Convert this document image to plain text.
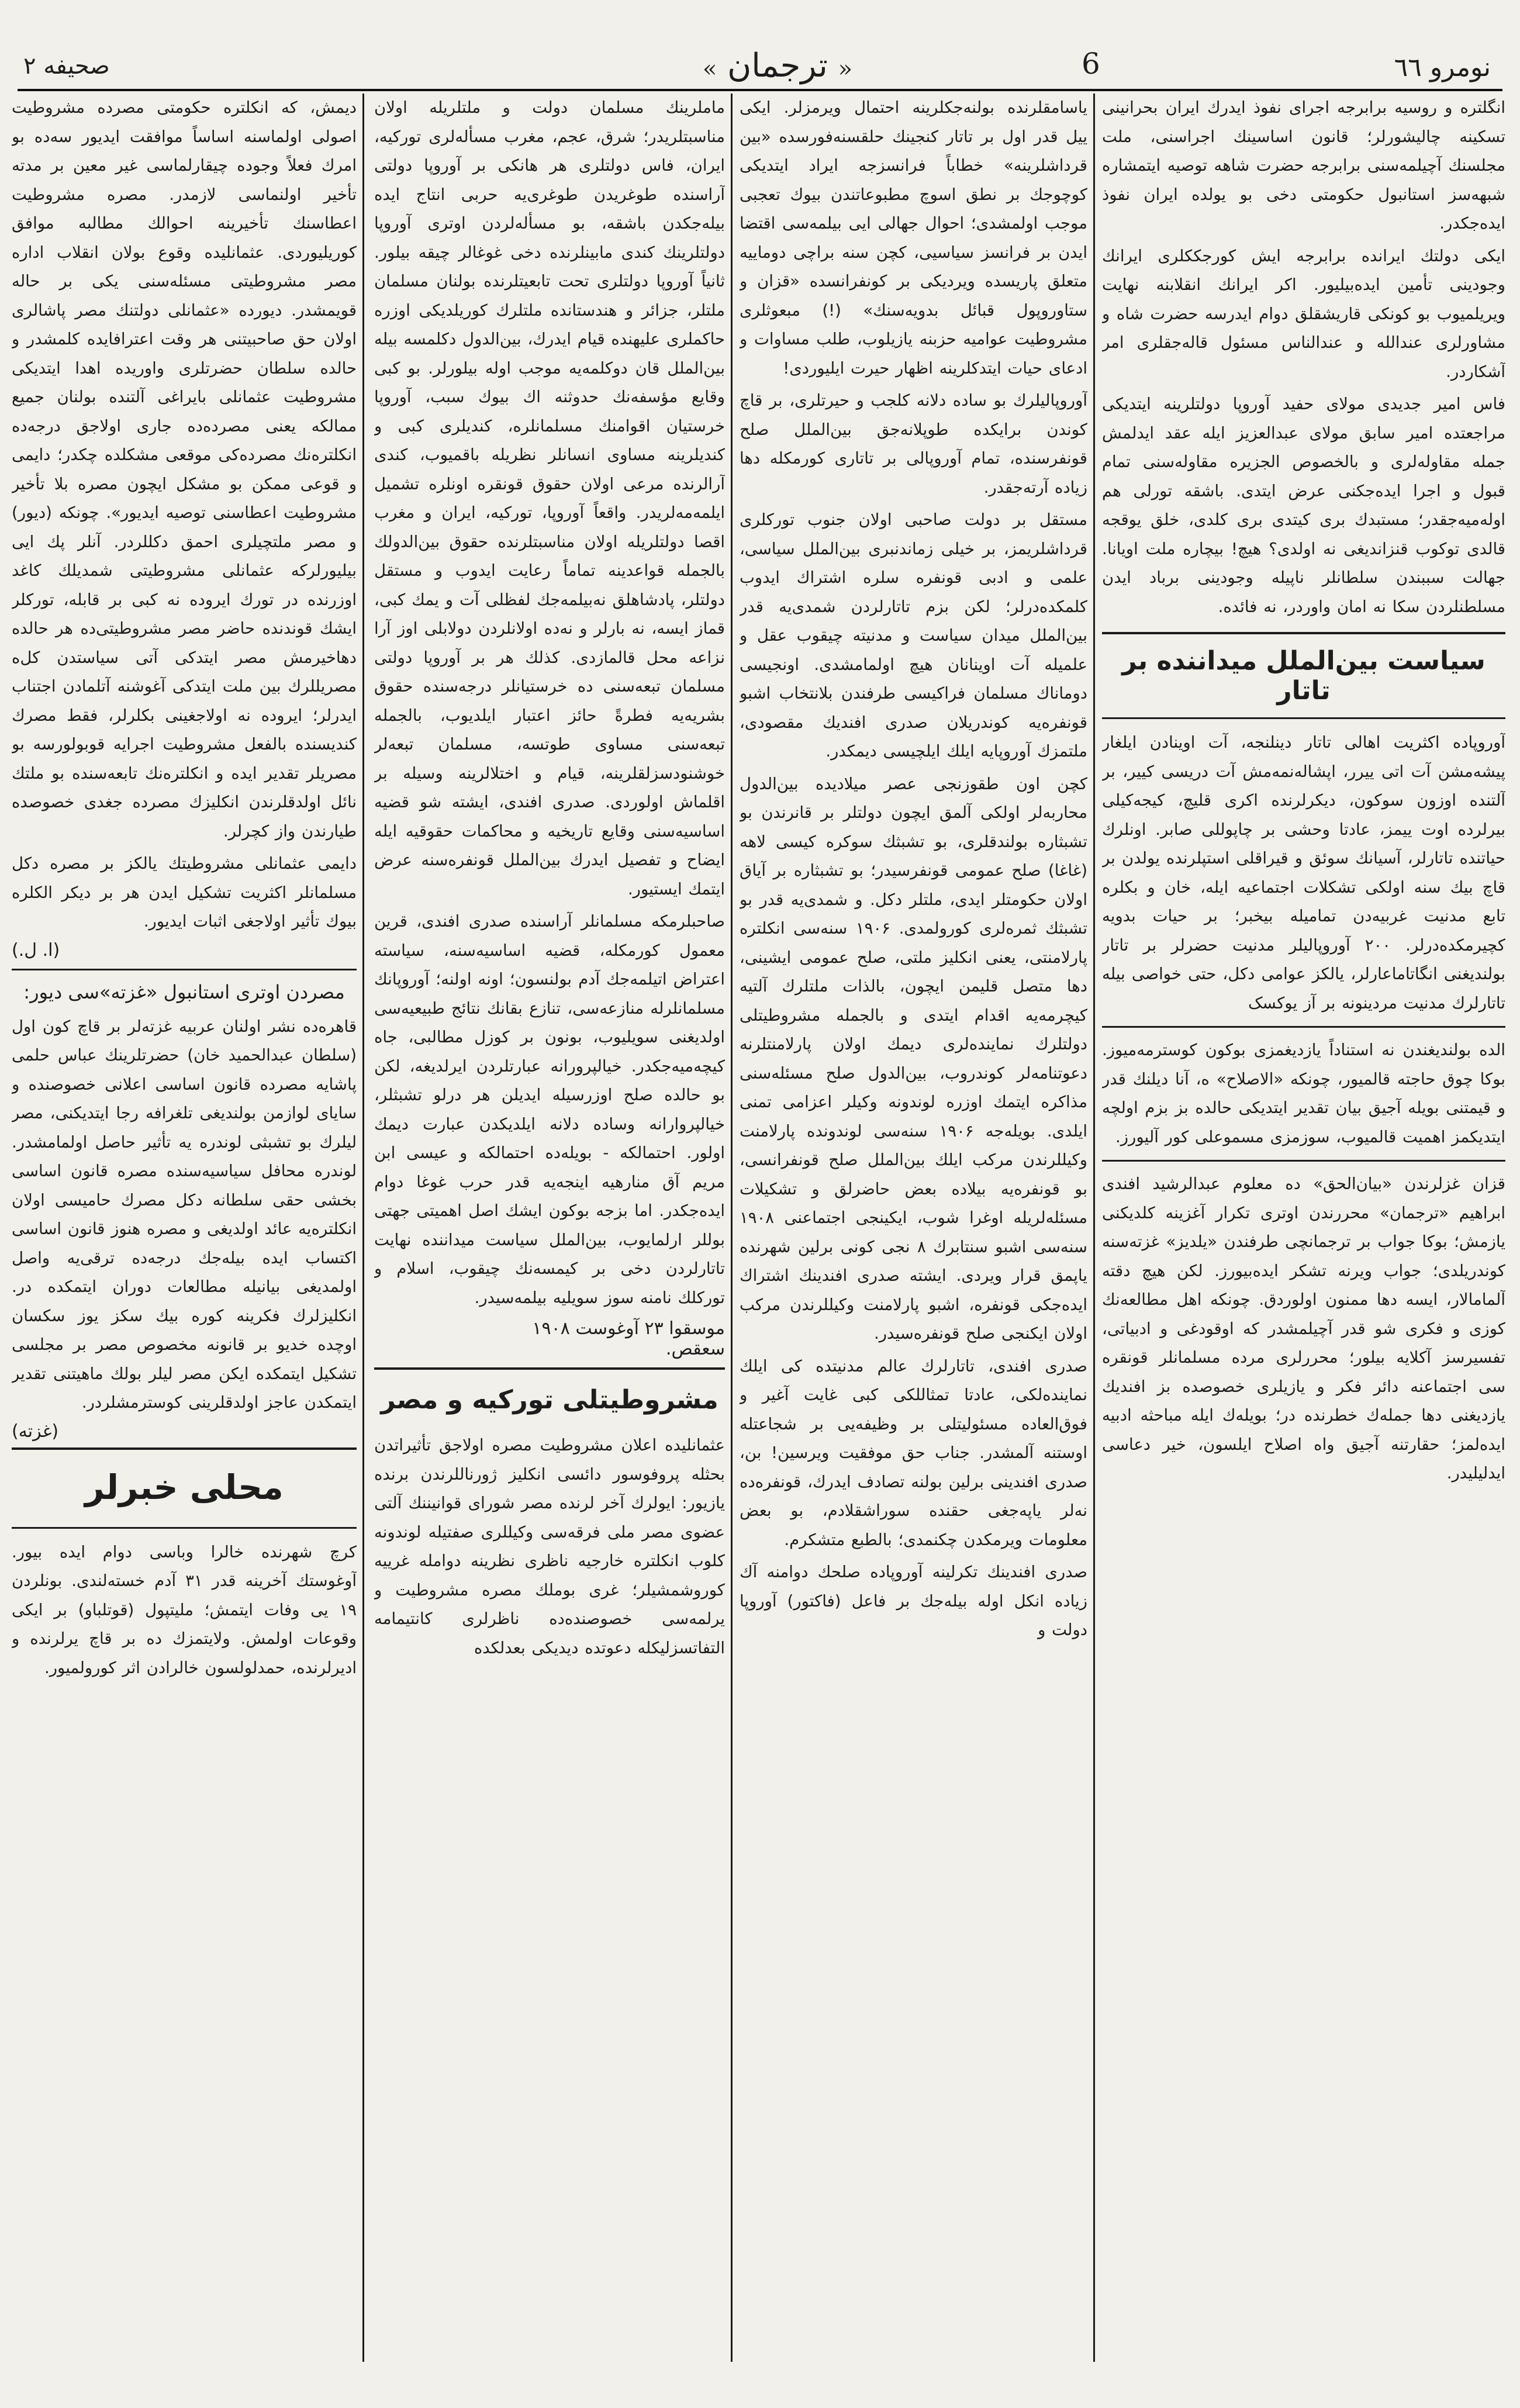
نومرو ٦٦
« ترجمان »	6
صحیفه ۲

انگلتره و روسیه برابرجه اجرای نفوذ ایدرك ایران بحرانینی تسکینه چالیشورلر؛ قانون اساسینك اجراسنی، ملت مجلسنك آچیلمه‌سنی برابرجه حضرت شاهه توصیه ایتمشاره شبهه‌سز استانبول حکومتی دخی بو یولده ایران نفوذ ایده‌جکدر.

ایکی دولتك ایرانده برابرجه ایش کورجککلری ایرانك وجودینی تأمین ایده‌بیلیور. اکر ایرانك انقلابنه نهایت ویریلمیوب بو کونکی قاریشقلق دوام ایدرسه حضرت شاه و مشاورلری عندالله و عندالناس مسئول قاله‌جقلری امر آشکاردر.

فاس امیر جدیدی مولای حفید آوروپا دولتلرینه ایتدیکی مراجعتده امیر سابق مولای عبدالعزیز ایله عقد ایدلمش جمله مقاوله‌لری و بالخصوص الجزیره مقاوله‌سنی تمام قبول و اجرا ایده‌جکنی عرض ایتدی. باشقه تورلی هم اوله‌میه‌جقدر؛ مستبدك بری کیتدی بری کلدی، خلق یوقجه قالدی توکوب قنزاندیغی نه اولدی؟ هیچ! بیچاره ملت اویانا. جهالت سببندن سلطانلر ناپیله وجودینی برباد ایدن مسلطنلردن سکا نه امان واوردر، نه فائده.

سیاست بین‌الملل میداننده بر تاتار

آوروپاده اکثریت اهالی تاتار دینلنجه، آت اوینادن ایلغار پیشه‌مشن آت اتی ییرر، اپشاله‌نمه‌مش آت دریسی کییر، بر آلتنده اوزون سوکون، دیکرلرنده اکری قلیچ، کیجه‌کیلی بیرلرده اوت ییمز، عادتا وحشی بر چاپوللی صابر. اونلرك حیاتنده تاتارلر، آسیانك سوئق و قیراقلی استپلرنده یولدن بر قاچ بیك سنه اولکی تشکلات اجتماعیه ایله، خان و بکلره تابع مدنیت غربیه‌دن تمامیله بیخبر؛ بر حیات بدویه کچیرمکده‌درلر. ۲۰۰ آوروپالیلر مدنیت حضرلر بر تاتار بولندیغنی انگاتاماعارلر، یالکز عوامی دکل، حتی خواصی بیله تاتارلرك مدنیت مردینونه بر آز یوکسک

الده بولندیغندن نه استناداً یازدیغمزی بوکون کوسترمه‌میوز. بوکا چوق حاجته قالمیور، چونکه «الاصلاح» ه، آنا دیلنك قدر و قیمتنی بویله آجیق بیان تقدیر ایتدیکی حالده بز بزم اولچه ایتدیکمز اهمیت قالمیوب، سوزمزی مسموعلی کور آلیورز.

قزان غزلرندن «بیان‌الحق» ده معلوم عبدالرشید افندی ابراهیم «ترجمان» محررندن اوتری تکرار آغزینه کلدیکنی یازمش؛ بوکا جواب بر ترجمانچی طرفندن «یلدیز» غزته‌سنه کوندریلدی؛ جواب ویرنه تشکر ایده‌بیورز. لکن هیچ دقته آلمامالار، ایسه دها ممنون اولوردق. چونکه اهل مطالعه‌نك کوزی و فکری شو قدر آچیلمشدر که اوقودغی و ادبیاتی، تفسیرسز آکلایه بیلور؛ محررلری مرده مسلمانلر قونقره سی اجتماعنه دائر فکر و یازیلری خصوصده بز افندیك یازدیغنی دها جمله‌ك خطرنده در؛ بویله‌ك ایله مباحثه ادبیه ایده‌لمز؛ حقارتنه آجیق واه اصلاح ایلسون، خیر دعاسی ایدلیلیدر.

یاسامقلرنده بولنه‌جکلرینه احتمال ویرمزلر. ایکی ییل قدر اول بر تاتار کنجینك حلقسنه‌فورسده «بین قرداشلرینه» خطاباً فرانسزجه ایراد ایتدیکی کوچوجك بر نطق اسوچ مطبوعاتندن بیوك تعجبی موجب اولمشدی؛ احوال جهالی ایی بیلمه‌سی اقتضا ایدن بر فرانسز سیاسیی، کچن سنه براچی دوماییه متعلق پاریسده ویردیکی بر کونفرانسده «قزان و ستاوروپول قبائل بدویه‌سنك» (!) مبعوثلری مشروطیت عوامیه حزبنه یازیلوب، طلب مساوات و ادعای حیات ایتدکلرینه اظهار حیرت ایلیوردی!

آوروپالیلرك بو ساده دلانه کلجب و حیرتلری، بر قاچ کوندن برایکده طوپلانه‌جق بین‌الملل صلح قونفرسنده، تمام آوروپالی بر تاتاری کورمکله دها زیاده آرته‌جقدر.

مستقل بر دولت صاحبی اولان جنوب تورکلری قرداشلریمز، بر خیلی زماندنبری بین‌الملل سیاسی، علمی و ادبی قونفره سلره اشتراك ایدوب کلمکده‌درلر؛ لکن بزم تاتارلردن شمدی‌یه قدر بین‌الملل میدان سیاست و مدنیته چیقوب عقل و علمیله آت اوینانان هیچ اولمامشدی. اونجیسی دوماناك مسلمان فراکیسی طرفندن بلانتخاب اشبو قونفره‌یه کوندریلان صدری افندیك مقصودی، ملتمزك آوروپایه ایلك ایلچیسی دیمکدر.

کچن اون طقوزنجی عصر میلادیده بین‌الدول محاربه‌لر اولکی آلمق ایچون دولتلر بر قانرندن بو تشبثاره بولندقلری، بو تشبثك سوکره کیسی لاهه (غاغا) صلح عمومی قونفرسیدر؛ بو تشبثاره بر آیاق اولان حکومتلر ایدی، ملتلر دکل. و شمدی‌یه قدر بو تشبثك ثمره‌لری کورولمدی. ۱۹۰۶ سنه‌سی انکلتره پارلامنتی، یعنی انکلیز ملتی، صلح عمومی ایشینی، دها متصل قلیمن ایچون، بالذات ملتلرك آلتیه کیچرمه‌یه اقدام ایتدی و بالجمله مشروطیتلی دولتلرك نماینده‌لری دیمك اولان پارلامنتلرنه دعوتنامه‌لر کوندروب، بین‌الدول صلح مسئله‌سنی مذاکره ایتمك اوزره لوندونه وکیلر اعزامی تمنی ایلدی. بویله‌جه ۱۹۰۶ سنه‌سی لوندونده پارلامنت وکیللرندن مرکب ایلك بین‌الملل صلح قونفرانسی، بو قونفره‌یه بیلاده بعض حاضرلق و تشکیلات مسئله‌لریله اوغرا شوب، ایکینجی اجتماعنی ۱۹۰۸ سنه‌سی اشبو سنتابرك ۸ نجی کونی برلین شهرنده یاپمق قرار ویردی. ایشته صدری افندینك اشتراك ایده‌جکی قونفره، اشبو پارلامنت وکیللرندن مرکب اولان ایکنجی صلح قونفره‌سیدر.

صدری افندی، تاتارلرك عالم مدنیتده کی ایلك نماینده‌لکی، عادتا تمثاللکی کبی غایت آغیر و فوق‌العاده مسئولیتلی بر وظیفه‌یی بر شجاعتله اوستنه آلمشدر. جناب حق موفقیت ویرسین! بن، صدری افندینی برلین بولنه تصادف ایدرك، قونفره‌ده نه‌لر یاپه‌جغی حقنده سوراشقلادم، بو بعض معلومات ویرمکدن چکنمدی؛ بالطبع متشکرم.

صدری افندینك تکرلینه آوروپاده صلحك دوامنه آك زیاده انکل اوله بیله‌جك بر فاعل (فاکتور) آوروپا دولت و

ماملرینك مسلمان دولت و ملتلریله اولان مناسبتلریدر؛ شرق، عجم، مغرب مسأله‌لری تورکیه، ایران، فاس دولتلری هر هانکی بر آوروپا دولتی آراسنده طوغریدن طوغری‌یه حربی انتاج ایده بیله‌جکدن باشقه، بو مسأله‌لردن اوتری آوروپا دولتلرینك کندی مابینلرنده دخی غوغالر چیقه بیلور. ثانیاً آوروپا دولتلری تحت تابعیتلرنده بولنان مسلمان ملتلر، جزائر و هندستانده ملتلرك کوریلدیکی اوزره حاکملری علیهنده قیام ایدرك، بین‌الدول دکلمسه بیله بین‌الملل قان دوکلمه‌یه موجب اوله بیلورلر. بو کبی وقایع مؤسفه‌نك حدوثنه اك بیوك سبب، آوروپا خرستیان اقوامنك مسلمانلره، کندیلری کبی و کندیلرینه مساوی انسانلر نظریله باقمیوب، کندی آرالرنده مرعی اولان حقوق قونقره اونلره تشمیل ایلمه‌مه‌لریدر. واقعاً آوروپا، تورکیه، ایران و مغرب اقصا دولتلریله اولان مناسبتلرنده حقوق بین‌الدولك بالجمله قواعدینه تماماً رعایت ایدوب و مستقل دولتلر، پادشاهلق نه‌بیلمه‌جك لفظلی آت و یمك کبی، قماز ایسه، نه بارلر و نه‌ده اولانلردن دولابلی اوز آرا نزاعه محل قالمازدی. کذلك هر بر آوروپا دولتی مسلمان تبعه‌سنی ده خرستیانلر درجه‌سنده حقوق بشریه‌یه فطرةً حائز اعتبار ایلدیوب، بالجمله تبعه‌سنی مساوی طوتسه، مسلمان تبعه‌لر خوشنودسزلقلرینه، قیام و اختلالرینه وسیله بر اقلماش اولوردی. صدری افندی، ایشته شو قضیه اساسیه‌سنی وقایع تاریخیه و محاکمات حقوقیه ایله ایضاح و تفصیل ایدرك بین‌الملل قونفره‌سنه عرض ایتمك ایستیور.

صاحبلرمکه مسلمانلر آراسنده صدری افندی، قرین معمول کورمکله، قضیه اساسیه‌سنه، سیاسته اعتراض اتیلمه‌جك آدم بولنسون؛ اونه اولنه؛ آوروپانك مسلمانلرله منازعه‌سی، تنازع بقانك نتائج طبیعیه‌سی اولدیغنی سویلیوب، بونون بر کوزل مطالبی، جاه کیچه‌میه‌جکدر. خیالپرورانه عبارتلردن ایرلدیغه، لکن بو حالده صلح اوزرسیله ایدیلن هر درلو تشبثلر، خیالپروارانه وساده دلانه ایلدیکدن عبارت دیمك اولور. احتمالکه - بویله‌ده احتمالکه و عیسی ابن مریم آق منارهیه اینجه‌یه قدر حرب غوغا دوام ایده‌جکدر. اما بزجه بوکون ایشك اصل اهمیتی جهتی بوللر ارلمایوب، بین‌الملل سیاست میداننده نهایت تاتارلردن دخی بر کیمسه‌نك چیقوب، اسلام و تورکلك نامنه سوز سویلیه بیلمه‌سیدر.

موسقوا ۲۳ آوغوست ۱۹۰۸
سعقص.
مشروطیتلی تورکیه و مصر

عثمانلیده اعلان مشروطیت مصره اولاجق تأثیراتدن بحثله پروفوسور دائسی انکلیز ژورناللرندن برنده یازیور: ایولرك آخر لرنده مصر شورای قوانیننك آلتی عضوی مصر ملی فرقه‌سی وکیللری صفتیله لوندونه کلوب انکلتره خارجیه ناظری نظرینه دوامله غرییه کوروشمشیلر؛ غری بوملك مصره مشروطیت و یرلمه‌سی خصوصنده‌ده ناظرلری کانتیمامه التفاتسزلیکله دعوتده دیدیکی بعدلکده

دیمش، که انکلتره حکومتی مصرده مشروطیت اصولی اولماسنه اساساً موافقت ایدیور سه‌ده بو امرك فعلاً وجوده چیقارلماسی غیر معین بر مدته تأخیر اولنماسی لازمدر. مصره مشروطیت اعطاسنك تأخیرینه احوالك مطالبه موافق کوریلیوردی. عثمانلیده وقوع بولان انقلاب اداره مصر مشروطیتی مسئله‌سنی یکی بر حاله قویمشدر. دیورده «عثمانلی دولتنك مصر پاشالری اولان حق صاحبیتنی هر وقت اعترافایده کلمشدر و حالده سلطان حضرتلری واوریده اهدا ایتدیکی مشروطیت عثمانلی بایراغی آلتنده بولنان جمیع ممالکه یعنی مصرده‌ده جاری اولاجق درجه‌ده انکلتره‌نك مصرده‌کی موقعی مشکلده چکدر؛ دایمی و قوعی ممکن بو مشکل ایچون مصره بلا تأخیر مشروطیت اعطاسنی توصیه ایدیور». چونکه (دیور) و مصر ملتچیلری احمق دکللردر. آنلر پك ایی بیلیورلرکه عثمانلی مشروطیتی شمدیلك کاغد اوزرنده در تورك ایروده نه کبی بر قابله، تورکلر ایشك قوندنده حاضر مصر مشروطیتی‌ده هر حالده دهاخیرمش مصر ایتدکی آتی سیاستدن کل‌ه مصریللرك بین ملت ایتدکی آغوشنه آتلمادن اجتناب ایدرلر؛ ایروده نه اولاجغینی بکلرلر، فقط مصرك کندیسنده بالفعل مشروطیت اجرایه قوبولورسه بو مصریلر تقدیر ایده و انکلتره‌نك تابعه‌سنده بو ملتك نائل اولدقلرندن انکلیزك مصرده جغدی خصوصده طیارندن واز کچرلر.

دایمی عثمانلی مشروطیتك یالکز بر مصره دکل مسلمانلر اکثریت تشکیل ایدن هر بر دیکر الکلره بیوك تأثیر اولاجغی اثبات ایدیور.

(ا. ل.)
مصردن اوتری استانبول «غزته»سی دیور:

قاهره‌ده نشر اولنان عربیه غزته‌لر بر قاچ کون اول (سلطان عبدالحمید خان) حضرتلرینك عباس حلمی پاشایه مصرده قانون اساسی اعلانی خصوصنده و سایای لوازمن بولندیغی تلغرافه رجا ایتدیکنی، مصر لیلرك بو تشبثی لوندره یه تأثیر حاصل اولمامشدر. لوندره محافل سیاسیه‌سنده مصره قانون اساسی بخشی حقی سلطانه دکل مصرك حامیسی اولان انکلتره‌یه عائد اولدیغی و مصره هنوز قانون اساسی اکتساب ایده بیله‌جك درجه‌ده ترقی‌یه واصل اولمدیغی بیانیله مطالعات دوران ایتمکده در. انکلیزلرك فکرینه کوره بیك سکز یوز سکسان اوچده خدیو بر قانونه مخصوص مصر بر مجلسی تشکیل ایتمکده ایکن مصر لیلر بولك ماهیتنی تقدیر ایتمکدن عاجز اولدقلرینی کوسترمشلردر.

(غزته)
محلی خبرلر

کرچ شهرنده خالرا وباسی دوام ایده بیور. آوغوستك آخرینه قدر ۳۱ آدم خسته‌لندی. بونلردن ۱۹ یی وفات ایتمش؛ ملیتپول (قوتلباو) بر ایکی وقوعات اولمش. ولایتمزك ده بر قاچ یرلرنده و ادیرلرنده، حمدلولسون خالرادن اثر کورولمیور.
